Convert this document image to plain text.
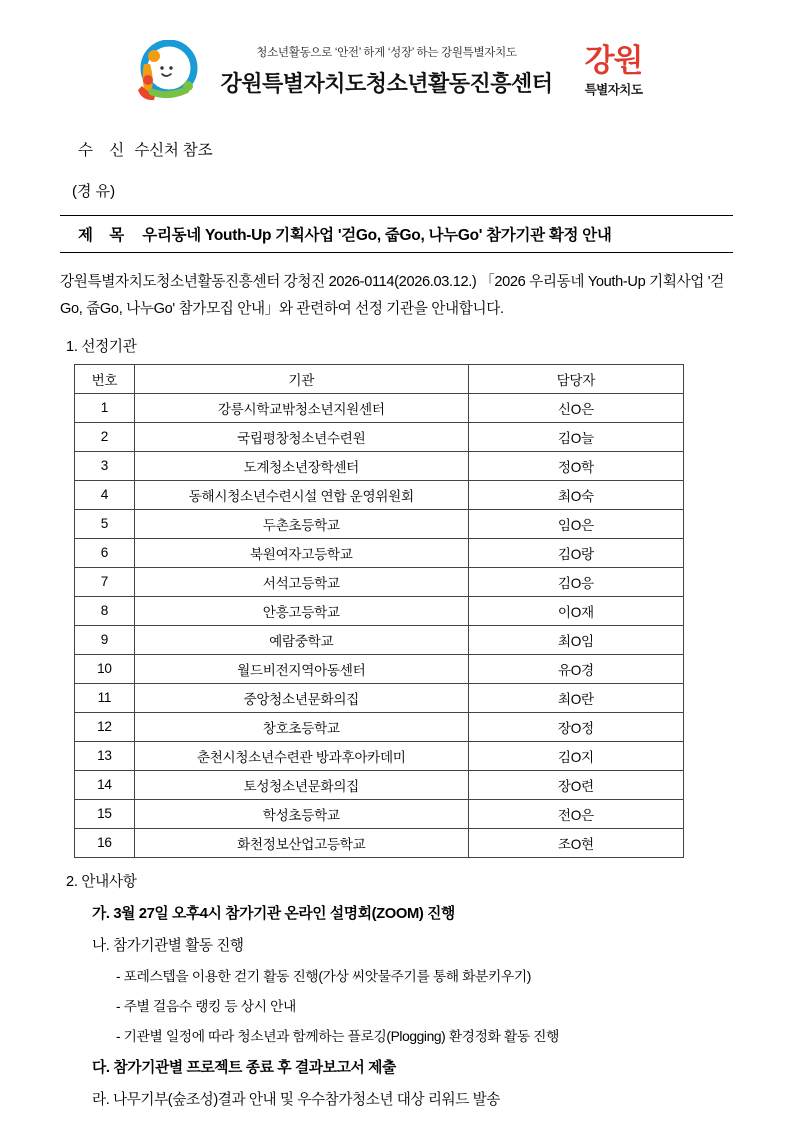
청소년활동으로 ‘안전’ 하게 ‘성장’ 하는 강원특별자치도
강원특별자치도청소년활동진흥센터
강원
특별자치도
수 신 수신처 참조
(경 유)
제 목 우리동네 Youth-Up 기획사업 '걷Go, 줍Go, 나누Go' 참가기관 확정 안내
강원특별자치도청소년활동진흥센터 강청진 2026-0114(2026.03.12.) 「2026 우리동네 Youth-Up 기획사업 '걷Go, 줍Go, 나누Go' 참가모집 안내」와 관련하여 선정 기관을 안내합니다.
1. 선정기관
번호	기관	담당자
1	강릉시학교밖청소년지원센터	신O은
2	국립평창청소년수련원	김O늘
3	도계청소년장학센터	정O학
4	동해시청소년수련시설 연합 운영위원회	최O숙
5	두촌초등학교	임O은
6	북원여자고등학교	김O랑
7	서석고등학교	김O응
8	안흥고등학교	이O재
9	예람중학교	최O임
10	월드비전지역아동센터	유O경
11	중앙청소년문화의집	최O란
12	창호초등학교	장O정
13	춘천시청소년수련관 방과후아카데미	김O지
14	토성청소년문화의집	장O련
15	학성초등학교	전O은
16	화천정보산업고등학교	조O현
2. 안내사항
가. 3월 27일 오후4시 참가기관 온라인 설명회(ZOOM) 진행
나. 참가기관별 활동 진행
- 포레스텝을 이용한 걷기 활동 진행(가상 씨앗물주기를 통해 화분키우기)
- 주별 걸음수 랭킹 등 상시 안내
- 기관별 일정에 따라 청소년과 함께하는 플로깅(Plogging) 환경정화 활동 진행
다. 참가기관별 프로젝트 종료 후 결과보고서 제출
라. 나무기부(숲조성)결과 안내 및 우수참가청소년 대상 리워드 발송
